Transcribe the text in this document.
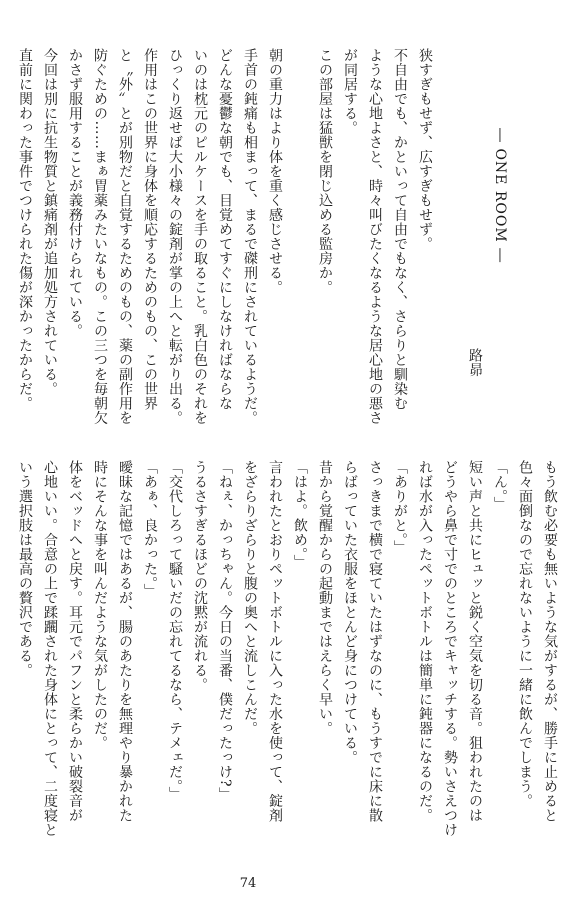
― ONE ROOM ―
路昴
狭すぎもせず、広すぎもせず。
不自由でも、かといって自由でもなく、さらりと馴染む
ような心地よさと、時々叫びたくなるような居心地の悪さ
が同居する。
この部屋は猛獣を閉じ込める監房か。
朝の重力はより体を重く感じさせる。
手首の鈍痛も相まって、まるで磔刑にされているようだ。
どんな憂鬱な朝でも、目覚めてすぐにしなければならな
いのは枕元のピルケースを手の取ること。乳白色のそれを
ひっくり返せば大小様々の錠剤が掌の上へと転がり出る。
作用はこの世界に身体を順応するためのもの、この世界
と〝外〟とが別物だと自覚するためのもの、薬の副作用を
防ぐための……まぁ胃薬みたいなもの。この三つを毎朝欠
かさず服用することが義務付けられている。
今回は別に抗生物質と鎮痛剤が追加処方されている。
直前に関わった事件でつけられた傷が深かったからだ。
もう飲む必要も無いような気がするが、勝手に止めると
色々面倒なので忘れないように一緒に飲んでしまう。
「ん。」
短い声と共にヒュッと鋭く空気を切る音。狙われたのは
どうやら鼻で寸でのところでキャッチする。勢いさえつけ
れば水が入ったペットボトルは簡単に鈍器になるのだ。
「ありがと。」
さっきまで横で寝ていたはずなのに、もうすでに床に散
らばっていた衣服をほとんど身につけている。
昔から覚醒からの起動まではえらく早い。
「はよ。飲め。」
言われたとおりペットボトルに入った水を使って、錠剤
をざらりざらりと腹の奥へと流しこんだ。
「ねぇ、かっちゃん。今日の当番、僕だったっけ?」
うるさすぎるほどの沈黙が流れる。
「交代しろって騒いだの忘れてるなら、テメェだ。」
「あぁ、良かった。」
曖昧な記憶ではあるが、腸のあたりを無理やり暴かれた
時にそんな事を叫んだような気がしたのだ。
体をベッドへと戻す。耳元でパフンと柔らかい破裂音が
心地いい。合意の上で蹂躙された身体にとって、二度寝と
いう選択肢は最高の贅沢である。
74
